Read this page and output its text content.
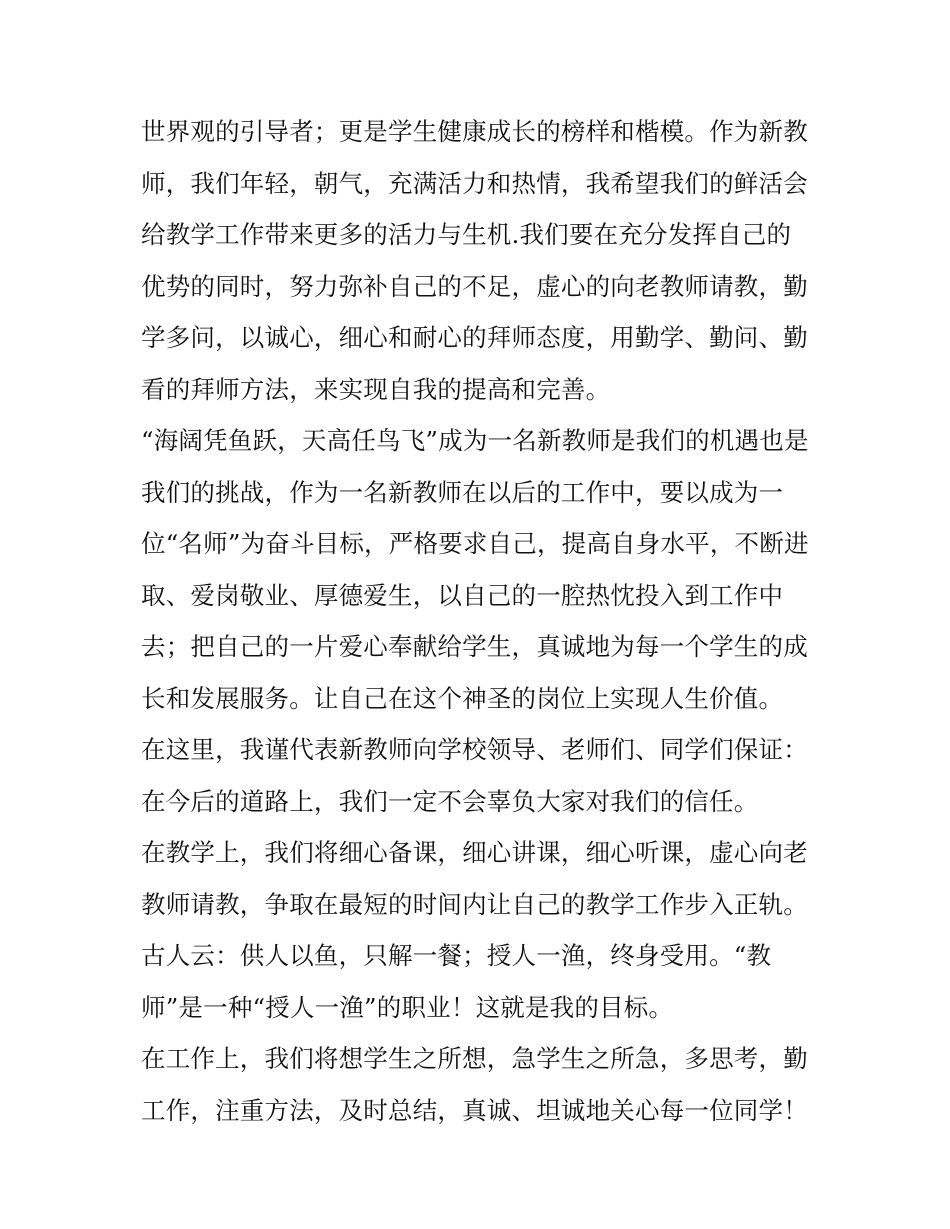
世界观的引导者；更是学生健康成长的榜样和楷模。作为新教
师，我们年轻，朝气，充满活力和热情，我希望我们的鲜活会
给教学工作带来更多的活力与生机.我们要在充分发挥自己的
优势的同时，努力弥补自己的不足，虚心的向老教师请教，勤
学多问，以诚心，细心和耐心的拜师态度，用勤学、勤问、勤
看的拜师方法，来实现自我的提高和完善。
“海阔凭鱼跃，天高任鸟飞”成为一名新教师是我们的机遇也是
我们的挑战，作为一名新教师在以后的工作中，要以成为一
位“名师”为奋斗目标，严格要求自己，提高自身水平，不断进
取、爱岗敬业、厚德爱生，以自己的一腔热忱投入到工作中
去；把自己的一片爱心奉献给学生，真诚地为每一个学生的成
长和发展服务。让自己在这个神圣的岗位上实现人生价值。
在这里，我谨代表新教师向学校领导、老师们、同学们保证：
在今后的道路上，我们一定不会辜负大家对我们的信任。
在教学上，我们将细心备课，细心讲课，细心听课，虚心向老
教师请教，争取在最短的时间内让自己的教学工作步入正轨。
古人云：供人以鱼，只解一餐；授人一渔，终身受用。“教
师”是一种“授人一渔”的职业！这就是我的目标。
在工作上，我们将想学生之所想，急学生之所急，多思考，勤
工作，注重方法，及时总结，真诚、坦诚地关心每一位同学！
